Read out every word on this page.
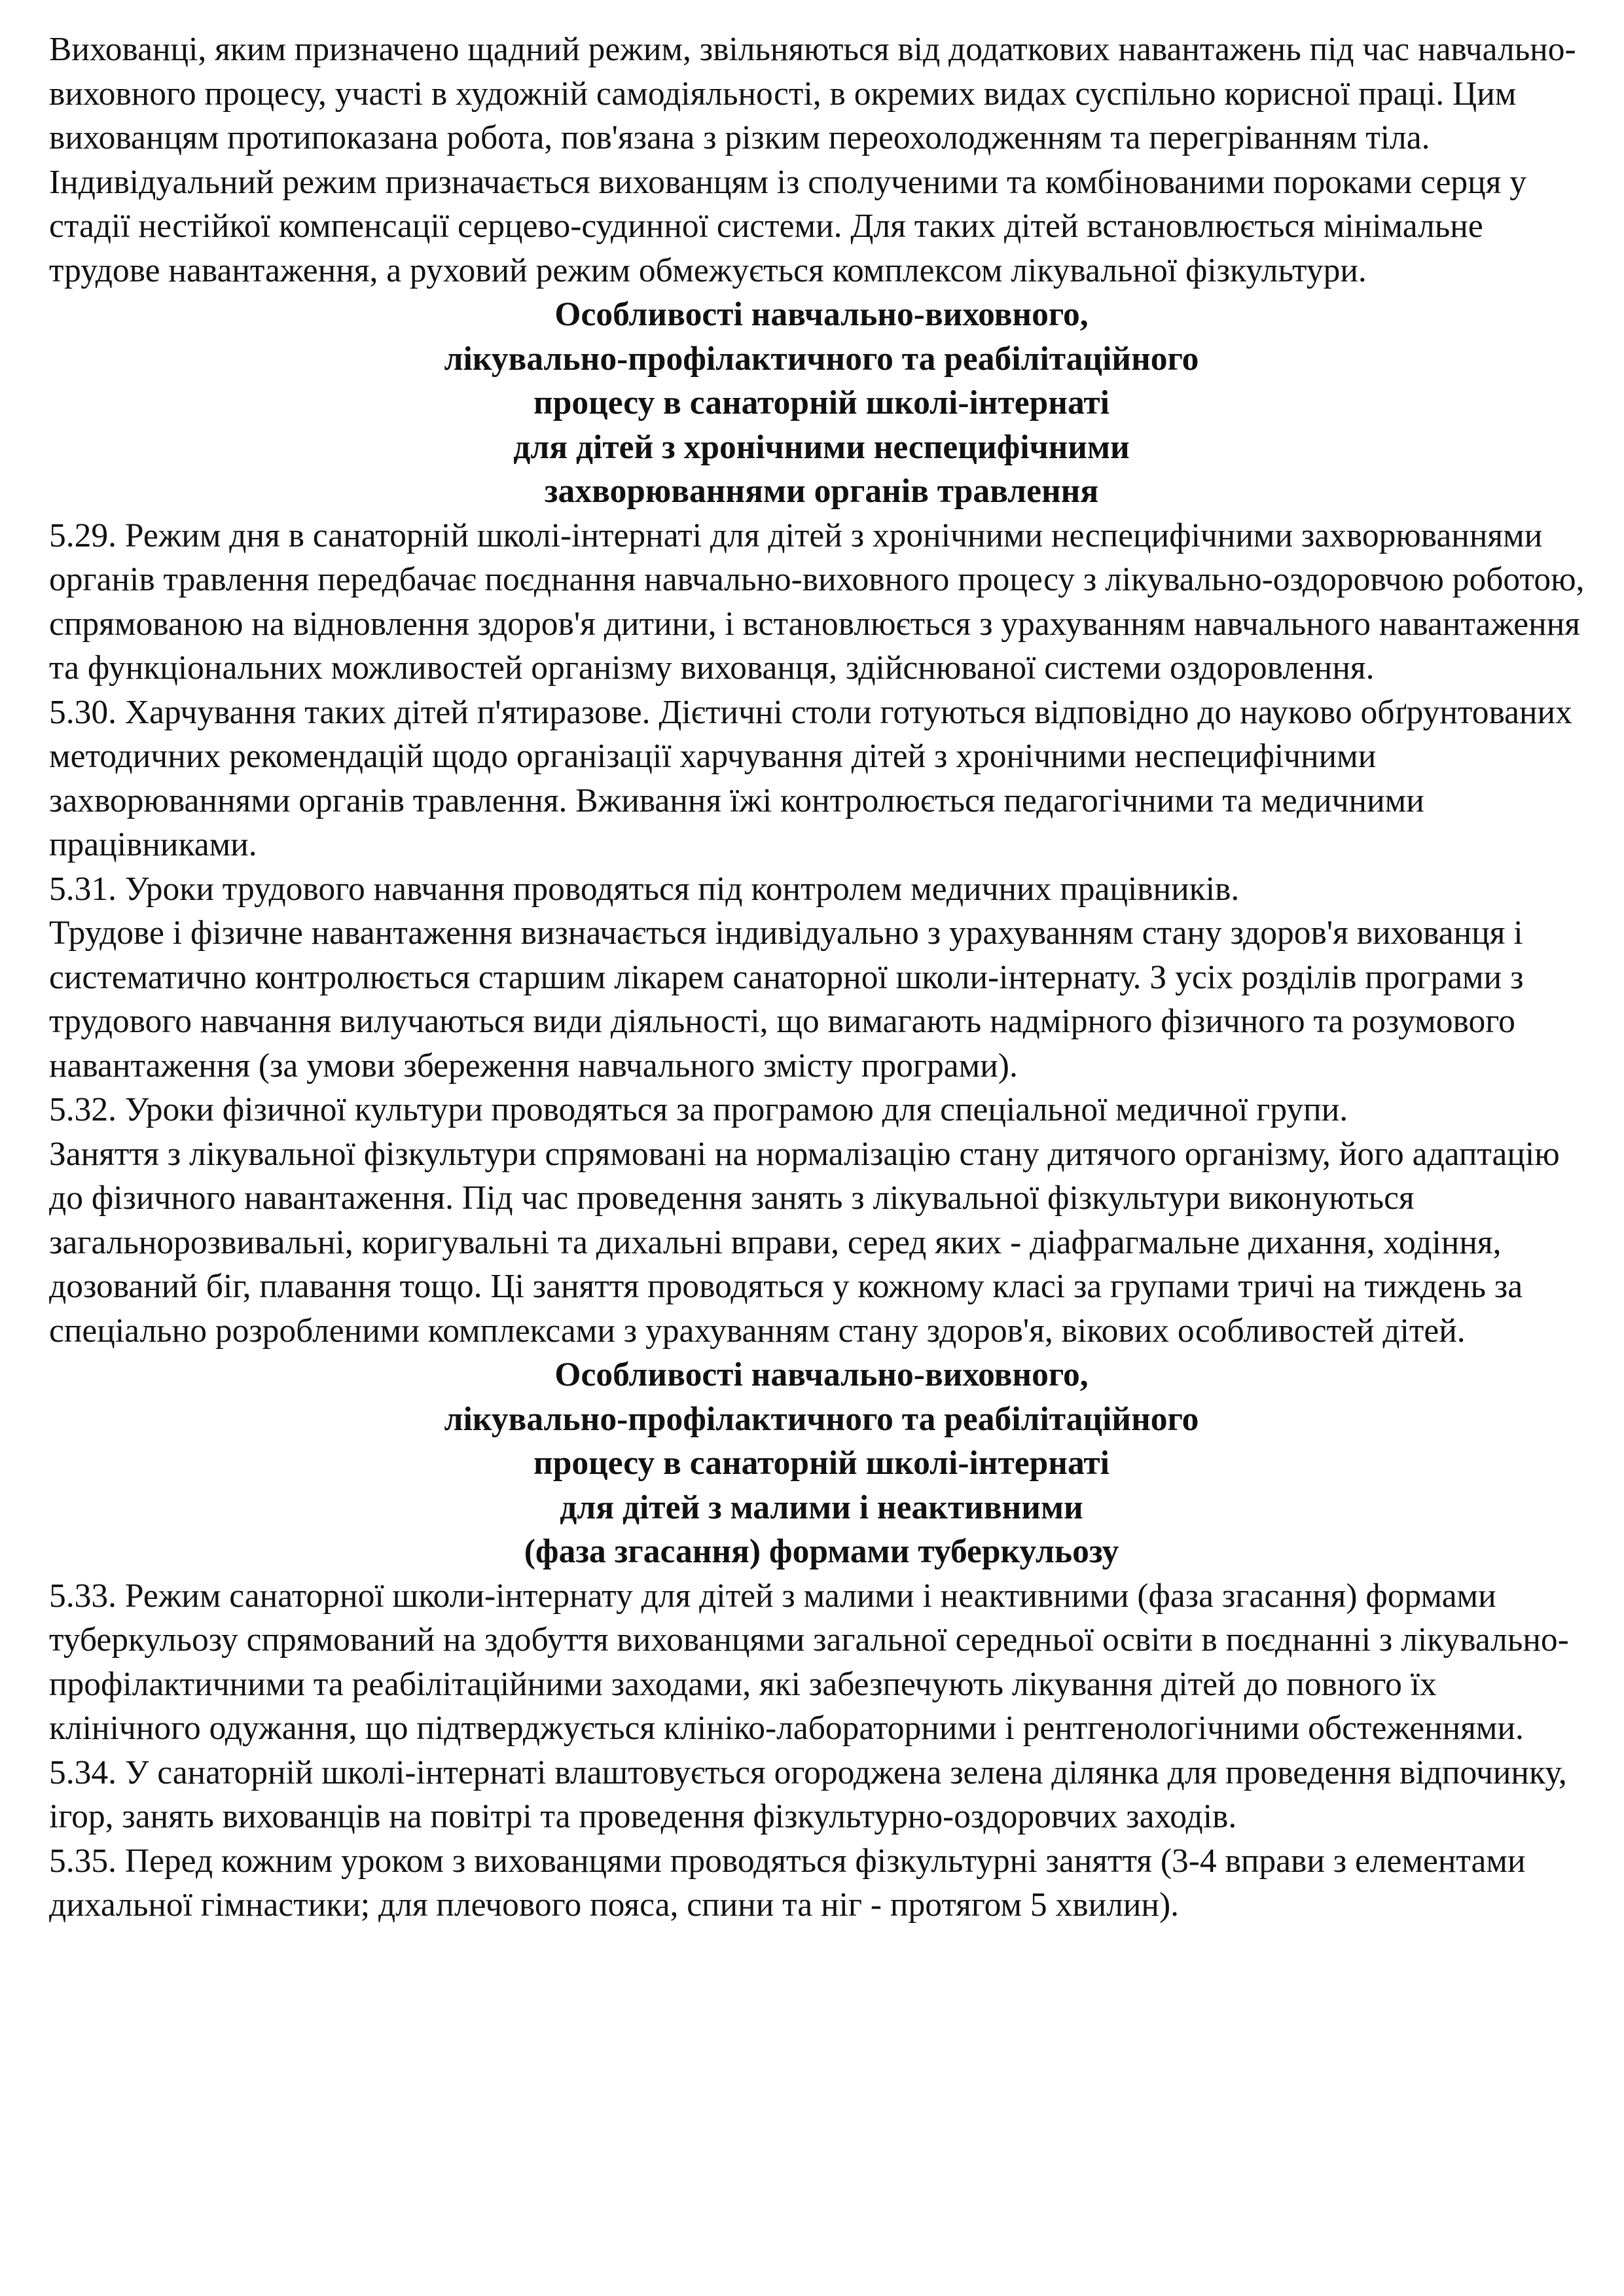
Вихованці, яким призначено щадний режим, звільняються від додаткових навантажень під час навчально-виховного процесу, участі в художній самодіяльності, в окремих видах суспільно корисної праці. Цим вихованцям протипоказана робота, пов'язана з різким переохолодженням та перегріванням тіла.

Індивідуальний режим призначається вихованцям із сполученими та комбінованими пороками серця у стадії нестійкої компенсації серцево-судинної системи. Для таких дітей встановлюється мінімальне трудове навантаження, а руховий режим обмежується комплексом лікувальної фізкультури.

Особливості навчально-виховного,
лікувально-профілактичного та реабілітаційного
процесу в санаторній школі-інтернаті
для дітей з хронічними неспецифічними
захворюваннями органів травлення

5.29. Режим дня в санаторній школі-інтернаті для дітей з хронічними неспецифічними захворюваннями органів травлення передбачає поєднання навчально-виховного процесу з лікувально-оздоровчою роботою, спрямованою на відновлення здоров'я дитини, і встановлюється з урахуванням навчального навантаження та функціональних можливостей організму вихованця, здійснюваної системи оздоровлення.

5.30. Харчування таких дітей п'ятиразове. Дієтичні столи готуються відповідно до науково обґрунтованих методичних рекомендацій щодо організації харчування дітей з хронічними неспецифічними захворюваннями органів травлення. Вживання їжі контролюється педагогічними та медичними працівниками.

5.31. Уроки трудового навчання проводяться під контролем медичних працівників.

Трудове і фізичне навантаження визначається індивідуально з урахуванням стану здоров'я вихованця і систематично контролюється старшим лікарем санаторної школи-інтернату. З усіх розділів програми з трудового навчання вилучаються види діяльності, що вимагають надмірного фізичного та розумового навантаження (за умови збереження навчального змісту програми).

5.32. Уроки фізичної культури проводяться за програмою для спеціальної медичної групи.

Заняття з лікувальної фізкультури спрямовані на нормалізацію стану дитячого організму, його адаптацію до фізичного навантаження. Під час проведення занять з лікувальної фізкультури виконуються загальнорозвивальні, коригувальні та дихальні вправи, серед яких - діафрагмальне дихання, ходіння, дозований біг, плавання тощо. Ці заняття проводяться у кожному класі за групами тричі на тиждень за спеціально розробленими комплексами з урахуванням стану здоров'я, вікових особливостей дітей.

Особливості навчально-виховного,
лікувально-профілактичного та реабілітаційного
процесу в санаторній школі-інтернаті
для дітей з малими і неактивними
(фаза згасання) формами туберкульозу

5.33. Режим санаторної школи-інтернату для дітей з малими і неактивними (фаза згасання) формами туберкульозу спрямований на здобуття вихованцями загальної середньої освіти в поєднанні з лікувально-профілактичними та реабілітаційними заходами, які забезпечують лікування дітей до повного їх клінічного одужання, що підтверджується клініко-лабораторними і рентгенологічними обстеженнями.

5.34. У санаторній школі-інтернаті влаштовується огороджена зелена ділянка для проведення відпочинку, ігор, занять вихованців на повітрі та проведення фізкультурно-оздоровчих заходів.

5.35. Перед кожним уроком з вихованцями проводяться фізкультурні заняття (3-4 вправи з елементами дихальної гімнастики; для плечового пояса, спини та ніг - протягом 5 хвилин).
